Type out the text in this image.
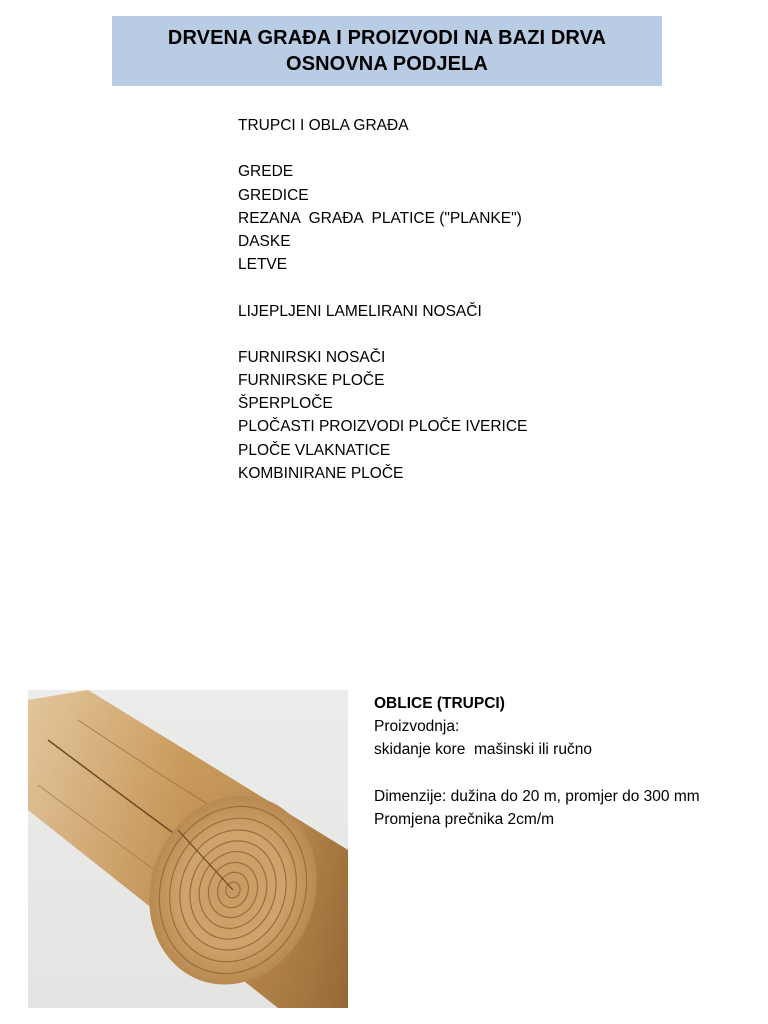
DRVENA GRAĐA I PROIZVODI NA BAZI DRVA
OSNOVNA PODJELA
TRUPCI I OBLA GRAĐA
GREDE
GREDICE
REZANA  GRAĐA  PLATICE ("PLANKE")
DASKE
LETVE
LIJEPLJENI LAMELIRANI NOSAČI
FURNIRSKI NOSAČI
FURNIRSKE PLOČE
ŠPERPLOČE
PLOČASTI PROIZVODI PLOČE IVERICE
PLOČE VLAKNATICE
KOMBINIRANE PLOČE
OBLICE (TRUPCI)
Proizvodnja:
skidanje kore  mašinski ili ručno
Dimenzije: dužina do 20 m, promjer do 300 mm
Promjena prečnika 2cm/m
